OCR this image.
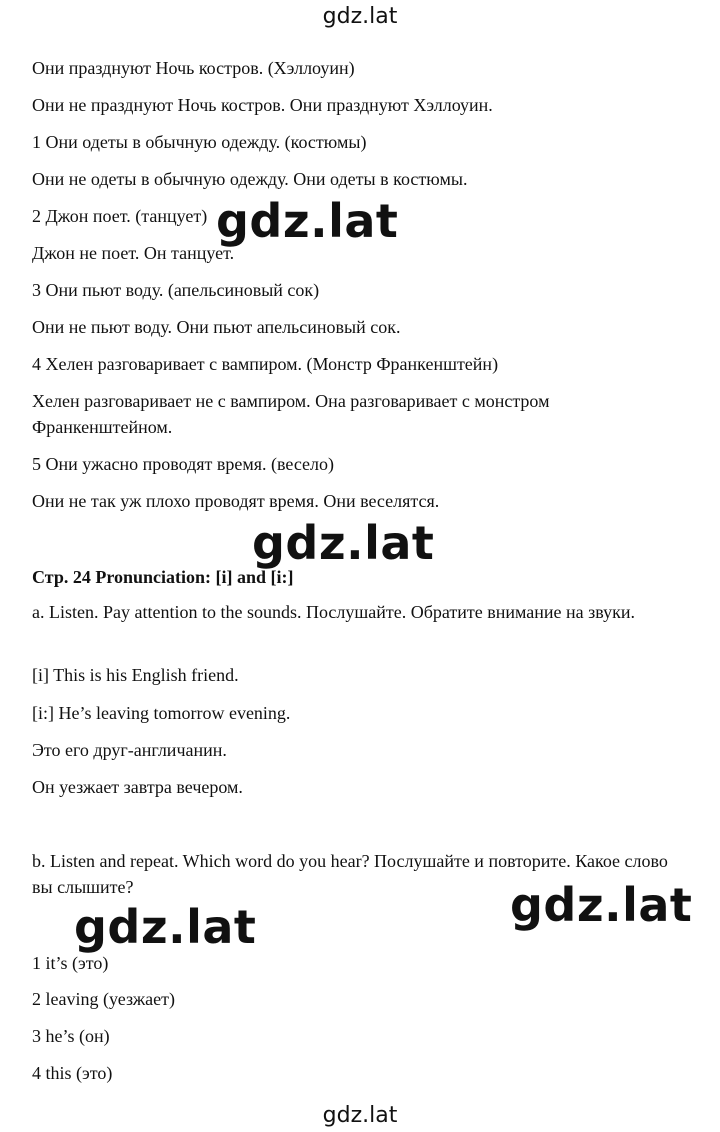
gdz.lat
Они празднуют Ночь костров. (Хэллоуин)
Они не празднуют Ночь костров. Они празднуют Хэллоуин.
1 Они одеты в обычную одежду. (костюмы)
Они не одеты в обычную одежду. Они одеты в костюмы.
2 Джон поет. (танцует)
Джон не поет. Он танцует.
3 Они пьют воду. (апельсиновый сок)
Они не пьют воду. Они пьют апельсиновый сок.
4 Хелен разговаривает с вампиром. (Монстр Франкенштейн)
Хелен разговаривает не с вампиром. Она разговаривает с монстром Франкенштейном.
5 Они ужасно проводят время. (весело)
Они не так уж плохо проводят время. Они веселятся.
Стр. 24 Pronunciation: [i] and [i:]
a. Listen. Pay attention to the sounds. Послушайте. Обратите внимание на звуки.
[i] This is his English friend.
[i:] He’s leaving tomorrow evening.
Это его друг-англичанин.
Он уезжает завтра вечером.
b. Listen and repeat. Which word do you hear? Послушайте и повторите. Какое слово вы слышите?
1 it’s (это)
2 leaving (уезжает)
3 he’s (он)
4 this (это)
gdz.lat
gdz.lat
gdz.lat
gdz.lat
gdz.lat
